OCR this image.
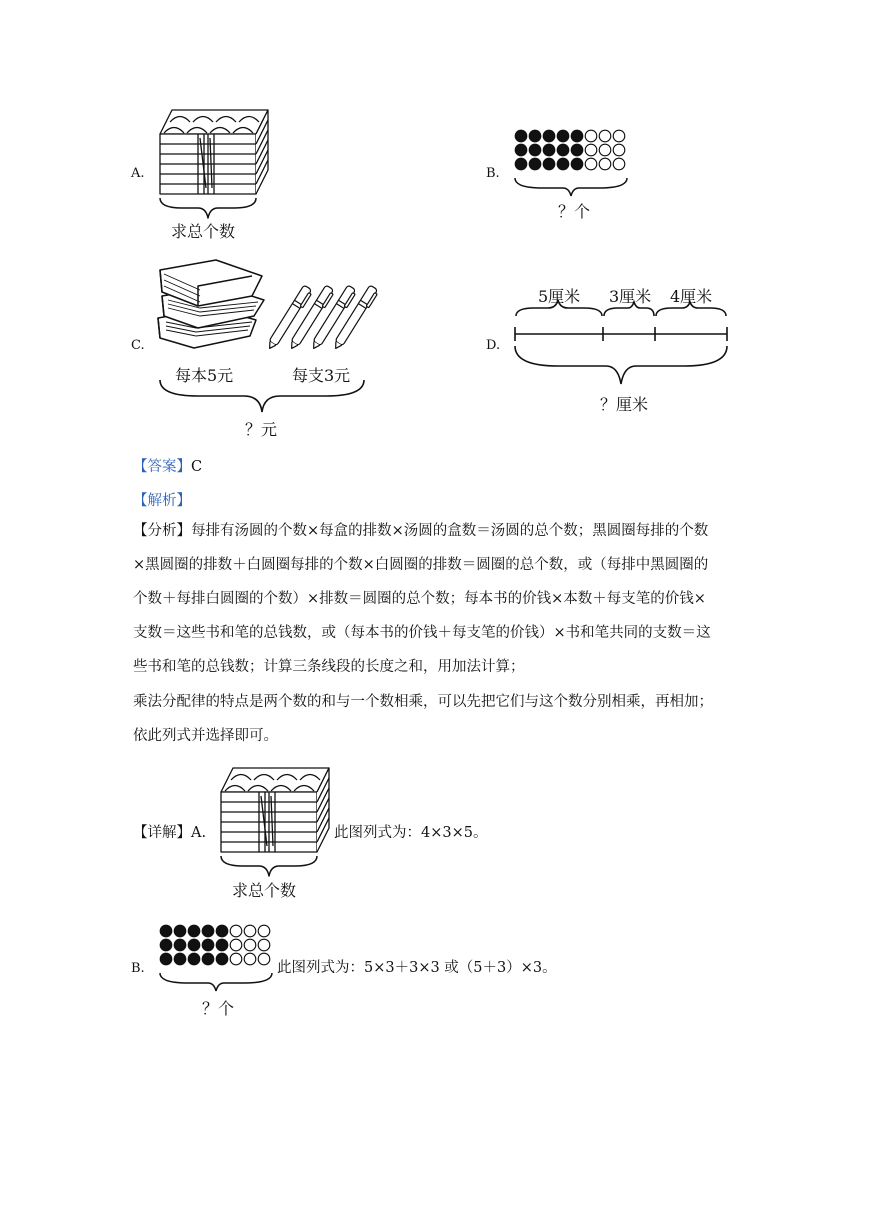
A.
求总个数
B.
？个
C.
每本5元	每支3元
？元
D.
5厘米 3厘米 4厘米
？厘米
【答案】C
【解析】
【分析】每排有汤圆的个数×每盒的排数×汤圆的盒数＝汤圆的总个数；黑圆圈每排的个数
×黑圆圈的排数＋白圆圈每排的个数×白圆圈的排数＝圆圈的总个数，或（每排中黑圆圈的
个数＋每排白圆圈的个数）×排数＝圆圈的总个数；每本书的价钱×本数＋每支笔的价钱×
支数＝这些书和笔的总钱数，或（每本书的价钱＋每支笔的价钱）×书和笔共同的支数＝这
些书和笔的总钱数；计算三条线段的长度之和，用加法计算；
乘法分配律的特点是两个数的和与一个数相乘，可以先把它们与这个数分别相乘，再相加；
依此列式并选择即可。
【详解】A.
求总个数
此图列式为：4×3×5。
B.
？个
此图列式为：5×3＋3×3 或（5＋3）×3。
